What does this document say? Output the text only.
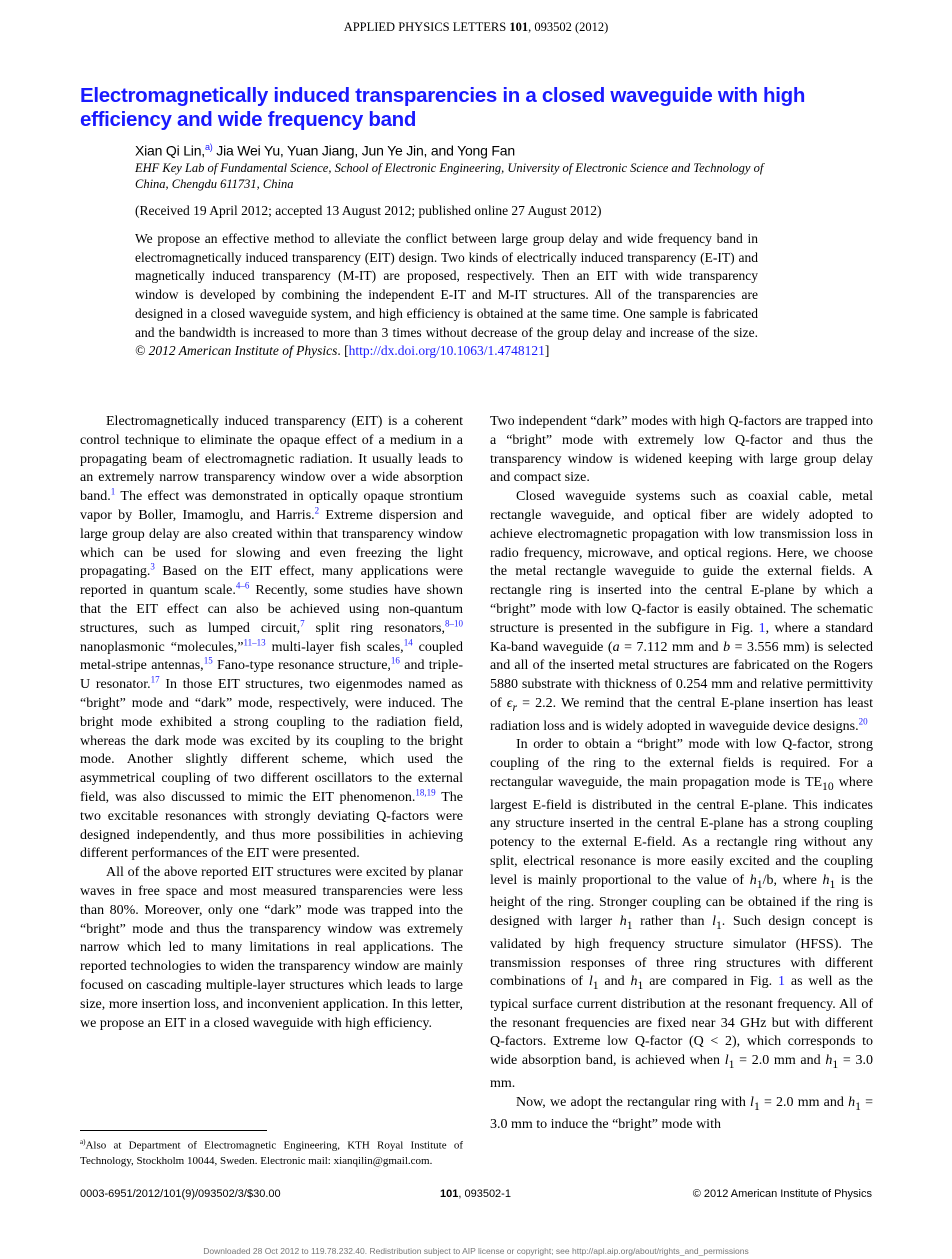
APPLIED PHYSICS LETTERS 101, 093502 (2012)
Electromagnetically induced transparencies in a closed waveguide with high efficiency and wide frequency band
Xian Qi Lin,$^{a)}$ Jia Wei Yu, Yuan Jiang, Jun Ye Jin, and Yong Fan
EHF Key Lab of Fundamental Science, School of Electronic Engineering, University of Electronic Science and Technology of China, Chengdu 611731, China
(Received 19 April 2012; accepted 13 August 2012; published online 27 August 2012)
We propose an effective method to alleviate the conflict between large group delay and wide frequency band in electromagnetically induced transparency (EIT) design. Two kinds of electrically induced transparency (E-IT) and magnetically induced transparency (M-IT) are proposed, respectively. Then an EIT with wide transparency window is developed by combining the independent E-IT and M-IT structures. All of the transparencies are designed in a closed waveguide system, and high efficiency is obtained at the same time. One sample is fabricated and the bandwidth is increased to more than 3 times without decrease of the group delay and increase of the size. © 2012 American Institute of Physics. [http://dx.doi.org/10.1063/1.4748121]

Electromagnetically induced transparency (EIT) is a coherent control technique to eliminate the opaque effect of a medium in a propagating beam of electromagnetic radiation. It usually leads to an extremely narrow transparency window over a wide absorption band.$^1$ The effect was demonstrated in optically opaque strontium vapor by Boller, Imamoglu, and Harris.$^2$ Extreme dispersion and large group delay are also created within that transparency window which can be used for slowing and even freezing the light propagating.$^3$ Based on the EIT effect, many applications were reported in quantum scale.$^{4-6}$ Recently, some studies have shown that the EIT effect can also be achieved using non-quantum structures, such as lumped circuit,$^7$ split ring resonators,$^{8-10}$ nanoplasmonic “molecules,”$^{11-13}$ multi-layer fish scales,$^{14}$ coupled metal-stripe antennas,$^{15}$ Fano-type resonance structure,$^{16}$ and triple-U resonator.$^{17}$ In those EIT structures, two eigenmodes named as “bright” mode and “dark” mode, respectively, were induced. The bright mode exhibited a strong coupling to the radiation field, whereas the dark mode was excited by its coupling to the bright mode. Another slightly different scheme, which used the asymmetrical coupling of two different oscillators to the external field, was also discussed to mimic the EIT phenomenon.$^{18,19}$ The two excitable resonances with strongly deviating Q-factors were designed independently, and thus more possibilities in achieving different performances of the EIT were presented.

All of the above reported EIT structures were excited by planar waves in free space and most measured transparencies were less than 80%. Moreover, only one “dark” mode was trapped into the “bright” mode and thus the transparency window was extremely narrow which led to many limitations in real applications. The reported technologies to widen the transparency window are mainly focused on cascading multiple-layer structures which leads to large size, more insertion loss, and inconvenient application. In this letter, we propose an EIT in a closed waveguide with high efficiency.

$^{a)}$Also at Department of Electromagnetic Engineering, KTH Royal Institute of Technology, Stockholm 10044, Sweden. Electronic mail: xianqilin@gmail.com.

Two independent “dark” modes with high Q-factors are trapped into a “bright” mode with extremely low Q-factor and thus the transparency window is widened keeping with large group delay and compact size.

Closed waveguide systems such as coaxial cable, metal rectangle waveguide, and optical fiber are widely adopted to achieve electromagnetic propagation with low transmission loss in radio frequency, microwave, and optical regions. Here, we choose the metal rectangle waveguide to guide the external fields. A rectangle ring is inserted into the central E-plane by which a “bright” mode with low Q-factor is easily obtained. The schematic structure is presented in the subfigure in Fig. 1, where a standard Ka-band waveguide (a = 7.112 mm and b = 3.556 mm) is selected and all of the inserted metal structures are fabricated on the Rogers 5880 substrate with thickness of 0.254 mm and relative permittivity of $\epsilon_r = 2.2$. We remind that the central E-plane insertion has least radiation loss and is widely adopted in waveguide device designs.$^{20}$

In order to obtain a “bright” mode with low Q-factor, strong coupling of the ring to the external fields is required. For a rectangular waveguide, the main propagation mode is $TE_{10}$ where largest E-field is distributed in the central E-plane. This indicates any structure inserted in the central E-plane has a strong coupling potency to the external E-field. As a rectangle ring without any split, electrical resonance is more easily excited and the coupling level is mainly proportional to the value of $h_1/b$, where $h_1$ is the height of the ring. Stronger coupling can be obtained if the ring is designed with larger $h_1$ rather than $l_1$. Such design concept is validated by high frequency structure simulator (HFSS). The transmission responses of three ring structures with different combinations of $l_1$ and $h_1$ are compared in Fig. 1 as well as the typical surface current distribution at the resonant frequency. All of the resonant frequencies are fixed near 34 GHz but with different Q-factors. Extreme low Q-factor (Q < 2), which corresponds to wide absorption band, is achieved when $l_1 = 2.0$ mm and $h_1 = 3.0$ mm.

Now, we adopt the rectangular ring with $l_1 = 2.0$ mm and $h_1 = 3.0$ mm to induce the “bright” mode with

0003-6951/2012/101(9)/093502/3/$30.00	101, 093502-1	© 2012 American Institute of Physics
Downloaded 28 Oct 2012 to 119.78.232.40. Redistribution subject to AIP license or copyright; see http://apl.aip.org/about/rights_and_permissions
